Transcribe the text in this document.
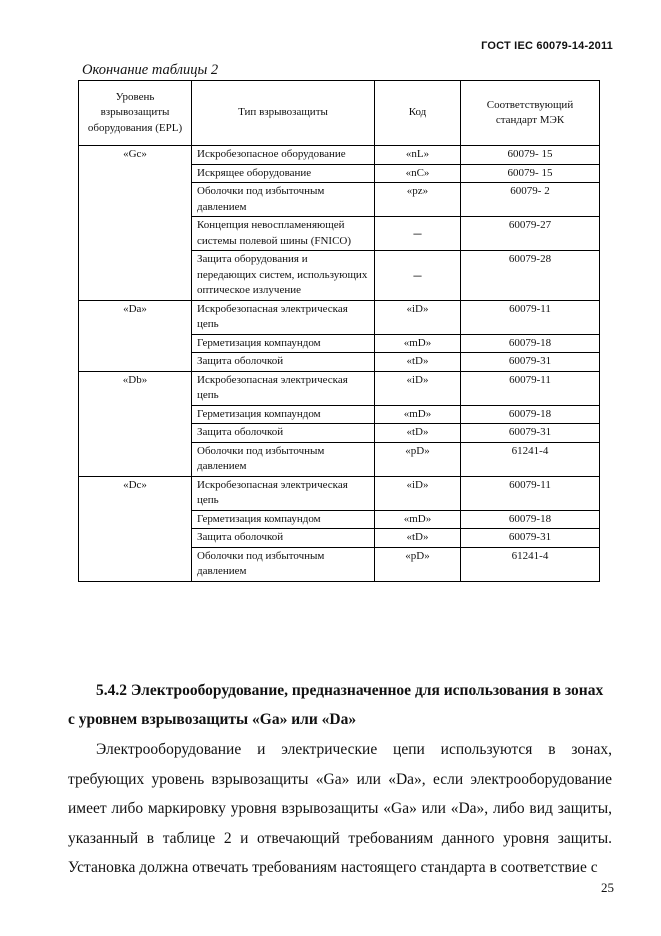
ГОСТ IEC 60079-14-2011
Окончание таблицы 2
Уровень взрывозащиты оборудования (EPL)	Тип взрывозащиты	Код	Соответствующий стандарт МЭК
«Gc»	Искробезопасное оборудование	«nL»	60079- 15
	Искрящее оборудование	«nC»	60079- 15
	Оболочки под избыточным давлением	«pz»	60079- 2
	Концепция невоспламеняющей системы полевой шины (FNICO)	–	60079-27
	Защита оборудования и передающих систем, использующих оптическое излучение	–	60079-28
«Da»	Искробезопасная электрическая цепь	«iD»	60079-11
	Герметизация компаундом	«mD»	60079-18
	Защита оболочкой	«tD»	60079-31
«Db»	Искробезопасная электрическая цепь	«iD»	60079-11
	Герметизация компаундом	«mD»	60079-18
	Защита оболочкой	«tD»	60079-31
	Оболочки под избыточным давлением	«pD»	61241-4
«Dc»	Искробезопасная электрическая цепь	«iD»	60079-11
	Герметизация компаундом	«mD»	60079-18
	Защита оболочкой	«tD»	60079-31
	Оболочки под избыточным давлением	«pD»	61241-4
5.4.2 Электрооборудование, предназначенное для использования в зонах с уровнем взрывозащиты «Ga» или «Da»
Электрооборудование и электрические цепи используются в зонах, требующих уровень взрывозащиты «Ga» или «Da», если электрооборудование имеет либо маркировку уровня взрывозащиты «Ga» или «Da», либо вид защиты, указанный в таблице 2 и отвечающий требованиям данного уровня защиты. Установка должна отвечать требованиям настоящего стандарта в соответствие с
25
